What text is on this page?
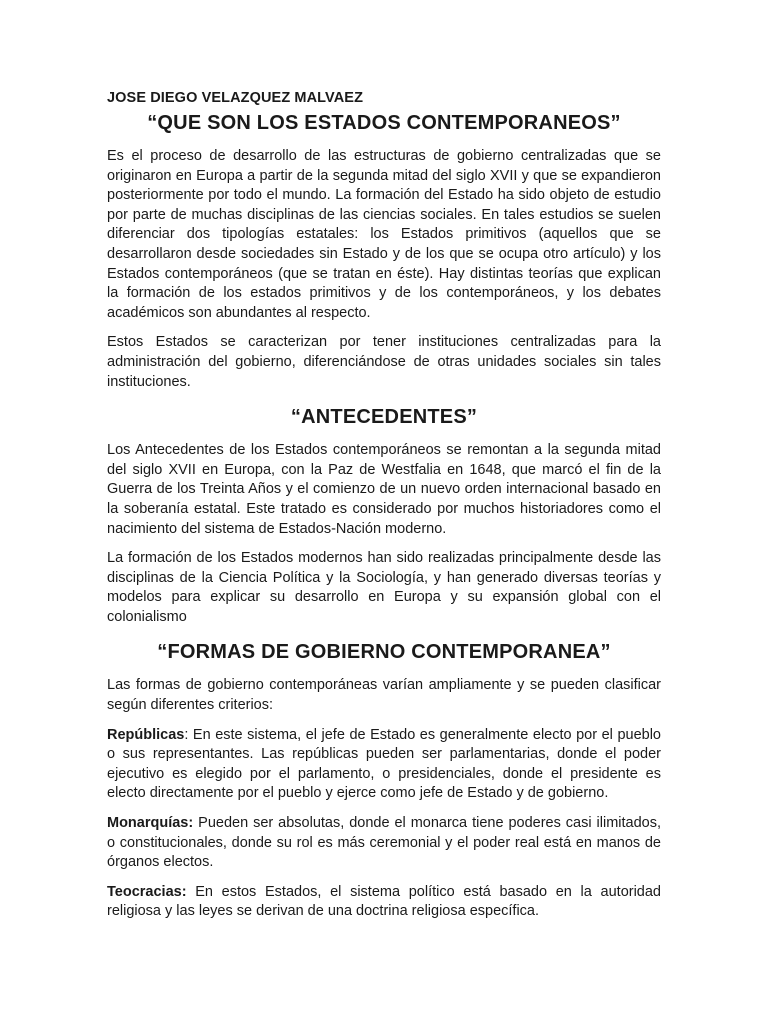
JOSE DIEGO VELAZQUEZ MALVAEZ
“QUE SON LOS ESTADOS CONTEMPORANEOS”

Es el proceso de desarrollo de las estructuras de gobierno centralizadas que se originaron en Europa a partir de la segunda mitad del siglo XVII y que se expandieron posteriormente por todo el mundo. La formación del Estado ha sido objeto de estudio por parte de muchas disciplinas de las ciencias sociales. En tales estudios se suelen diferenciar dos tipologías estatales: los Estados primitivos (aquellos que se desarrollaron desde sociedades sin Estado y de los que se ocupa otro artículo) y los Estados contemporáneos (que se tratan en éste). Hay distintas teorías que explican la formación de los estados primitivos y de los contemporáneos, y los debates académicos son abundantes al respecto.

Estos Estados se caracterizan por tener instituciones centralizadas para la administración del gobierno, diferenciándose de otras unidades sociales sin tales instituciones.

“ANTECEDENTES”

Los Antecedentes de los Estados contemporáneos se remontan a la segunda mitad del siglo XVII en Europa, con la Paz de Westfalia en 1648, que marcó el fin de la Guerra de los Treinta Años y el comienzo de un nuevo orden internacional basado en la soberanía estatal. Este tratado es considerado por muchos historiadores como el nacimiento del sistema de Estados-Nación moderno.

La formación de los Estados modernos han sido realizadas principalmente desde las disciplinas de la Ciencia Política y la Sociología, y han generado diversas teorías y modelos para explicar su desarrollo en Europa y su expansión global con el colonialismo

“FORMAS DE GOBIERNO CONTEMPORANEA”

Las formas de gobierno contemporáneas varían ampliamente y se pueden clasificar según diferentes criterios:

Repúblicas: En este sistema, el jefe de Estado es generalmente electo por el pueblo o sus representantes. Las repúblicas pueden ser parlamentarias, donde el poder ejecutivo es elegido por el parlamento, o presidenciales, donde el presidente es electo directamente por el pueblo y ejerce como jefe de Estado y de gobierno.

Monarquías: Pueden ser absolutas, donde el monarca tiene poderes casi ilimitados, o constitucionales, donde su rol es más ceremonial y el poder real está en manos de órganos electos.

Teocracias: En estos Estados, el sistema político está basado en la autoridad religiosa y las leyes se derivan de una doctrina religiosa específica.
